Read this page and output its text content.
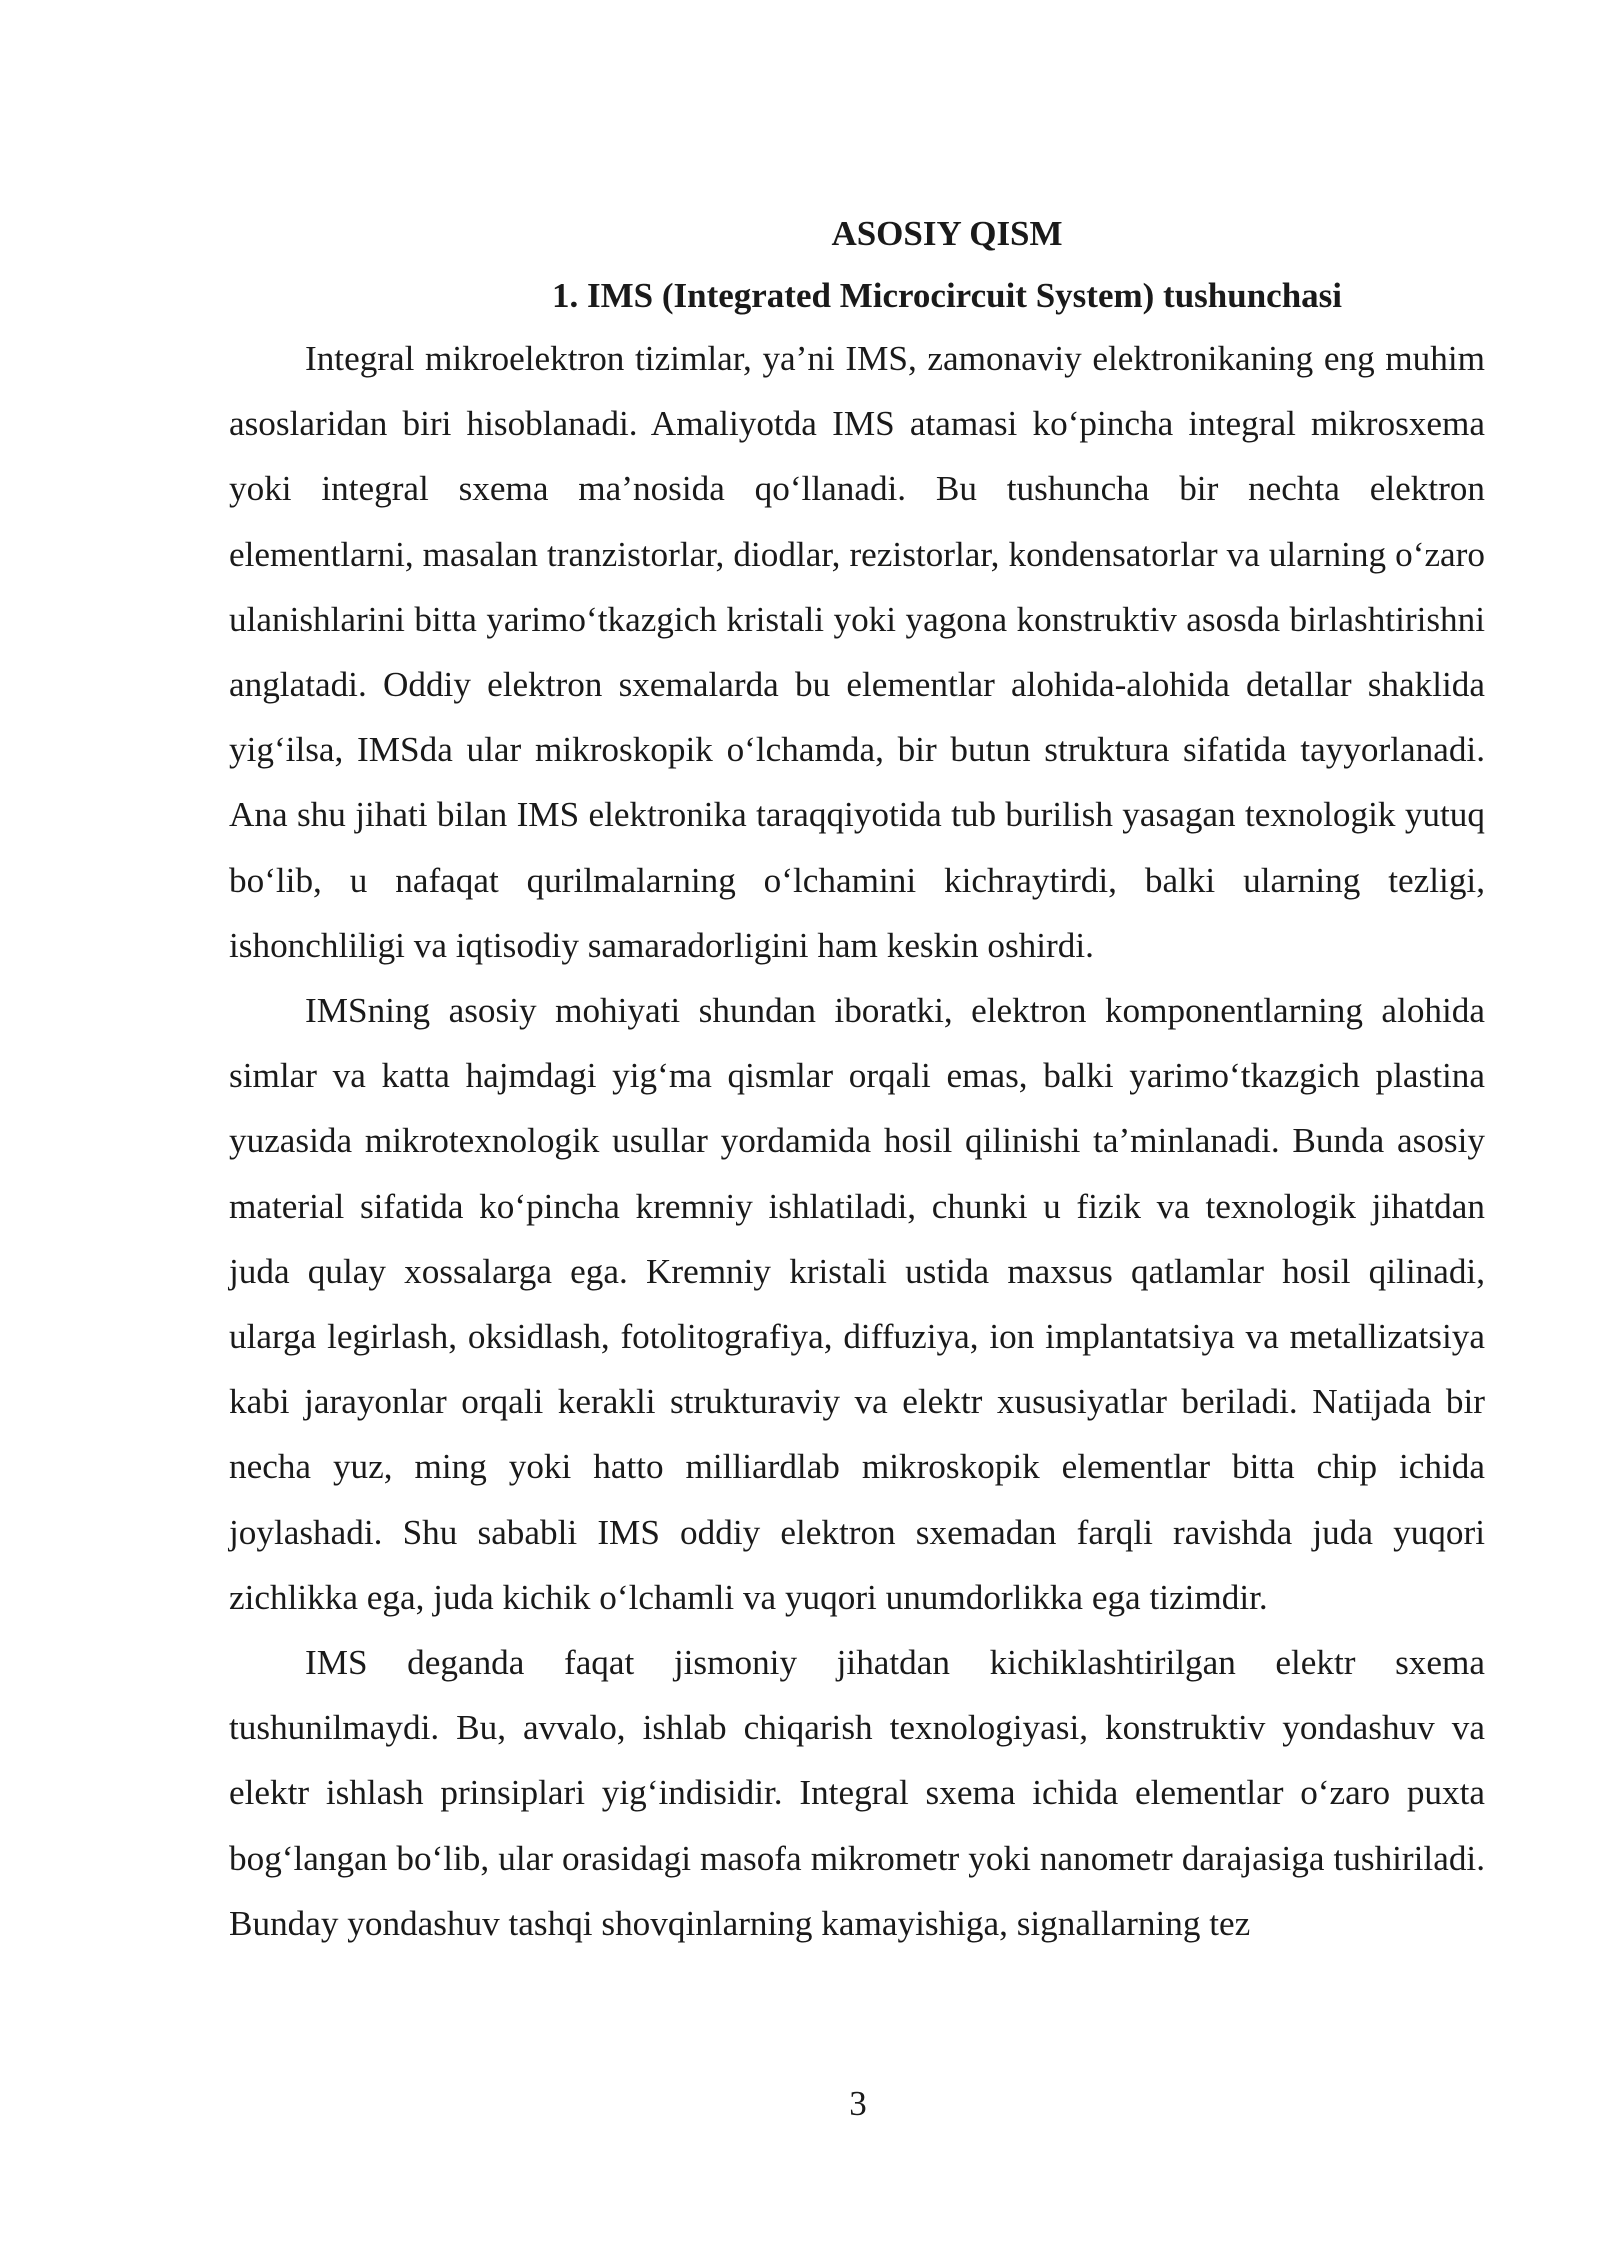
ASOSIY QISM
1. IMS (Integrated Microcircuit System) tushunchasi

Integral mikroelektron tizimlar, ya’ni IMS, zamonaviy elektronikaning eng muhim asoslaridan biri hisoblanadi. Amaliyotda IMS atamasi ko‘pincha integral mikrosxema yoki integral sxema ma’nosida qo‘llanadi. Bu tushuncha bir nechta elektron elementlarni, masalan tranzistorlar, diodlar, rezistorlar, kondensatorlar va ularning o‘zaro ulanishlarini bitta yarimo‘tkazgich kristali yoki yagona konstruktiv asosda birlashtirishni anglatadi. Oddiy elektron sxemalarda bu elementlar alohida-alohida detallar shaklida yig‘ilsa, IMSda ular mikroskopik o‘lchamda, bir butun struktura sifatida tayyorlanadi. Ana shu jihati bilan IMS elektronika taraqqiyotida tub burilish yasagan texnologik yutuq bo‘lib, u nafaqat qurilmalarning o‘lchamini kichraytirdi, balki ularning tezligi, ishonchliligi va iqtisodiy samaradorligini ham keskin oshirdi.

IMSning asosiy mohiyati shundan iboratki, elektron komponentlarning alohida simlar va katta hajmdagi yig‘ma qismlar orqali emas, balki yarimo‘tkazgich plastina yuzasida mikrotexnologik usullar yordamida hosil qilinishi ta’minlanadi. Bunda asosiy material sifatida ko‘pincha kremniy ishlatiladi, chunki u fizik va texnologik jihatdan juda qulay xossalarga ega. Kremniy kristali ustida maxsus qatlamlar hosil qilinadi, ularga legirlash, oksidlash, fotolitografiya, diffuziya, ion implantatsiya va metallizatsiya kabi jarayonlar orqali kerakli strukturaviy va elektr xususiyatlar beriladi. Natijada bir necha yuz, ming yoki hatto milliardlab mikroskopik elementlar bitta chip ichida joylashadi. Shu sababli IMS oddiy elektron sxemadan farqli ravishda juda yuqori zichlikka ega, juda kichik o‘lchamli va yuqori unumdorlikka ega tizimdir.

IMS deganda faqat jismoniy jihatdan kichiklashtirilgan elektr sxema tushunilmaydi. Bu, avvalo, ishlab chiqarish texnologiyasi, konstruktiv yondashuv va elektr ishlash prinsiplari yig‘indisidir. Integral sxema ichida elementlar o‘zaro puxta bog‘langan bo‘lib, ular orasidagi masofa mikrometr yoki nanometr darajasiga tushiriladi. Bunday yondashuv tashqi shovqinlarning kamayishiga, signallarning tez

3
